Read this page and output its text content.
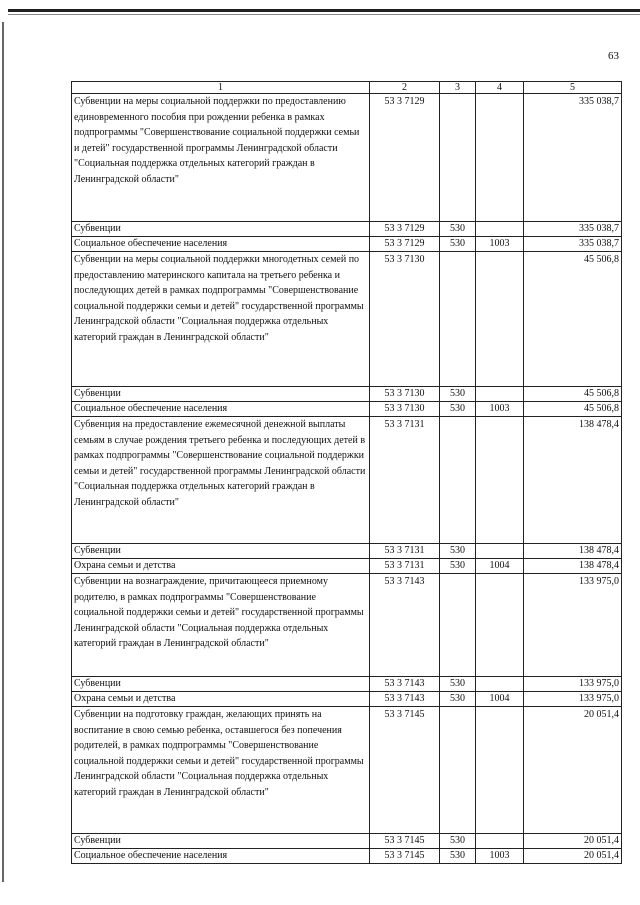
63
1	2	3	4	5
Субвенции на меры социальной поддержки по предоставлению единовременного пособия при рождении ребенка в рамках подпрограммы "Совершенствование социальной поддержки семьи и детей" государственной программы Ленинградской области "Социальная поддержка отдельных категорий граждан в Ленинградской области"	53 3 7129			335 038,7
Субвенции	53 3 7129	530		335 038,7
Социальное обеспечение населения	53 3 7129	530	1003	335 038,7
Субвенции на меры социальной поддержки многодетных семей по предоставлению материнского капитала на третьего ребенка и последующих детей в рамках подпрограммы "Совершенствование социальной поддержки семьи и детей" государственной программы Ленинградской области "Социальная поддержка отдельных категорий граждан в Ленинградской области"	53 3 7130			45 506,8
Субвенции	53 3 7130	530		45 506,8
Социальное обеспечение населения	53 3 7130	530	1003	45 506,8
Субвенция на предоставление ежемесячной денежной выплаты семьям в случае рождения третьего ребенка и последующих детей в рамках подпрограммы "Совершенствование социальной поддержки семьи и детей" государственной программы Ленинградской области "Социальная поддержка отдельных категорий граждан в Ленинградской области"	53 3 7131			138 478,4
Субвенции	53 3 7131	530		138 478,4
Охрана семьи и детства	53 3 7131	530	1004	138 478,4
Субвенции на вознаграждение, причитающееся приемному родителю, в рамках подпрограммы "Совершенствование социальной поддержки семьи и детей" государственной программы Ленинградской области "Социальная поддержка отдельных категорий граждан в Ленинградской области"	53 3 7143			133 975,0
Субвенции	53 3 7143	530		133 975,0
Охрана семьи и детства	53 3 7143	530	1004	133 975,0
Субвенции на подготовку граждан, желающих принять на воспитание в свою семью ребенка, оставшегося без попечения родителей, в рамках подпрограммы "Совершенствование социальной поддержки семьи и детей" государственной программы Ленинградской области "Социальная поддержка отдельных категорий граждан в Ленинградской области"	53 3 7145			20 051,4
Субвенции	53 3 7145	530		20 051,4
Социальное обеспечение населения	53 3 7145	530	1003	20 051,4
